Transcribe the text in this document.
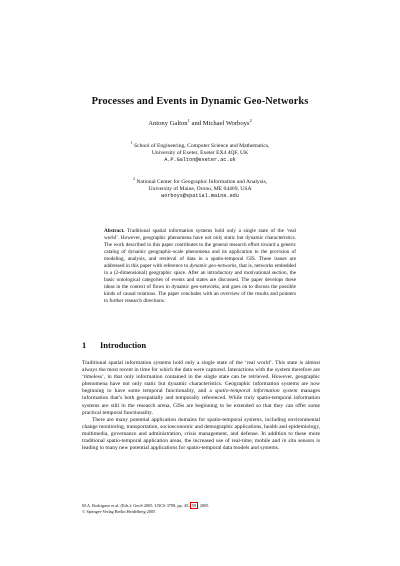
Processes and Events in Dynamic Geo-Networks
Antony Galton$^1$ and Michael Worboys$^2$
$^1$ School of Engineering, Computer Science and Mathematics,
University of Exeter, Exeter EX4 4QF, UK
A.P.Galton@exeter.ac.uk
$^2$ National Center for Geographic Information and Analysis,
University of Maine, Orono, ME 04469, USA
worboys@spatial.maine.edu
Abstract. Traditional spatial information systems hold only a single state of the ‘real world’. However, geographic phenomena have not only static but dynamic characteristics. The work described in this paper contributes to the general research effort toward a generic catalog of dynamic geographic-scale phenomena and its application to the provision of modeling, analysis, and retrieval of data in a spatio-temporal GIS. These issues are addressed in this paper with reference to dynamic geo-networks, that is, networks embedded in a (2-dimensional) geographic space. After an introductory and motivational section, the basic ontological categories of events and states are discussed. The paper develops these ideas in the context of flows in dynamic geo-networks, and goes on to discuss the possible kinds of causal relations. The paper concludes with an overview of the results and pointers to further research directions.
1 Introduction

Traditional spatial information systems hold only a single state of the ‘real world’. This state is almost always the most recent in time for which the data were captured. Interactions with the system therefore are ‘timeless’, in that only information contained in the single state can be retrieved. However, geographic phenomena have not only static but dynamic characteristics. Geographic information systems are now beginning to have some temporal functionality, and a spatio-temporal information system manages information that’s both geospatially and temporally referenced. While truly spatio-temporal information systems are still in the research arena, GISs are beginning to be extended so that they can offer some practical temporal functionality.

There are many potential application domains for spatio-temporal systems, including environmental change monitoring, transportation, socioeconomic and demographic applications, health and epidemiology, multimedia, governance and administration, crisis management, and defense. In addition to these more traditional spatio-temporal application areas, the increased use of real-time, mobile and in situ sensors is leading to many new potential applications for spatio-temporal data models and systems.

M.A. Rodríguez et al. (Eds.): GeoS 2005, LNCS 3799, pp. 45– 59 , 2005.
© Springer-Verlag Berlin Heidelberg 2005
